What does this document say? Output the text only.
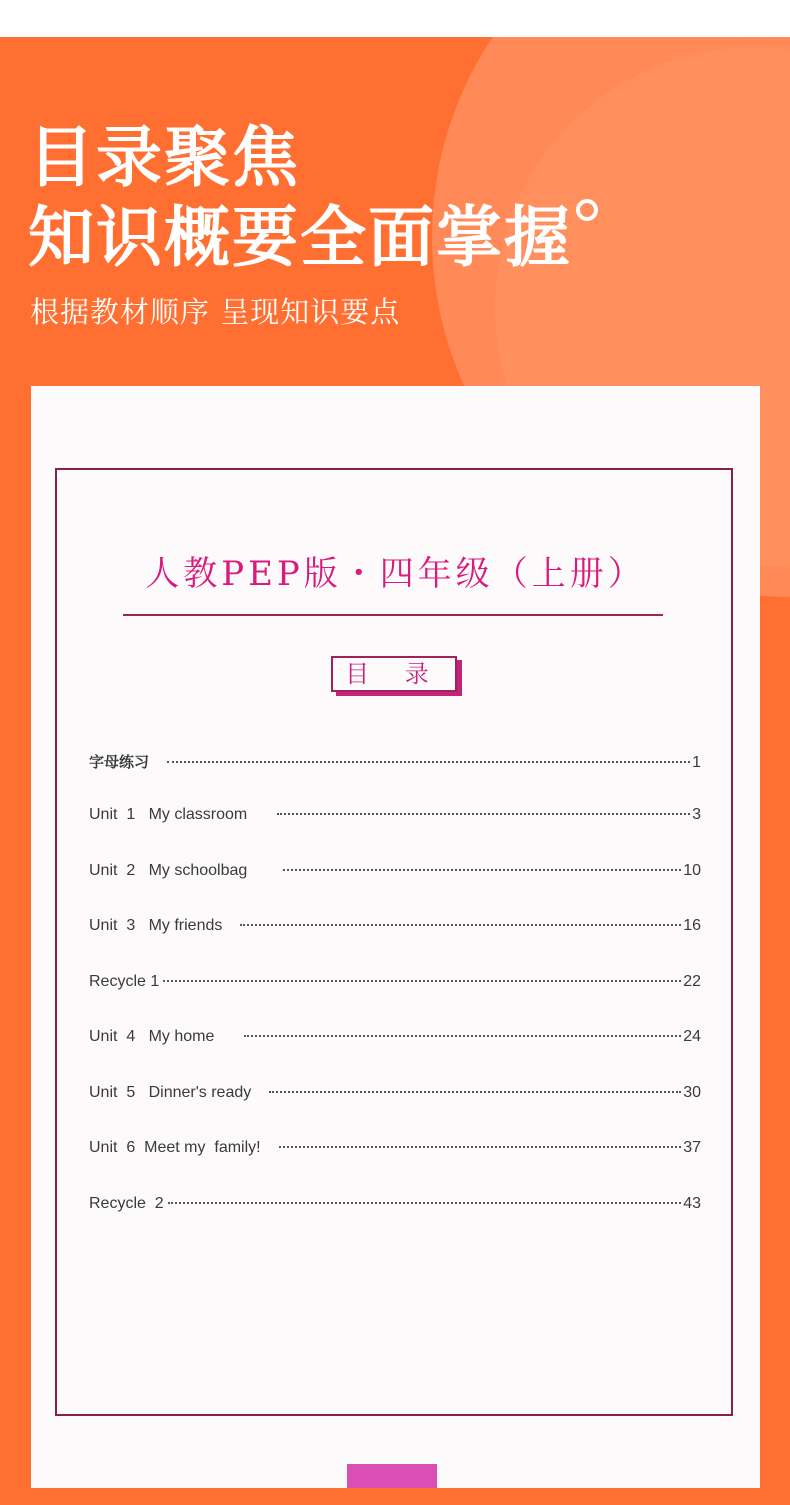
目录聚焦
知识概要全面掌握
根据教材顺序 呈现知识要点
人教PEP版・四年级（上册）
目 录
字母练习	1
Unit  1   My classroom	3
Unit  2   My schoolbag	10
Unit  3   My friends	16
Recycle 1	22
Unit  4   My home	24
Unit  5   Dinner's ready	30
Unit  6  Meet my  family!	37
Recycle  2	43
